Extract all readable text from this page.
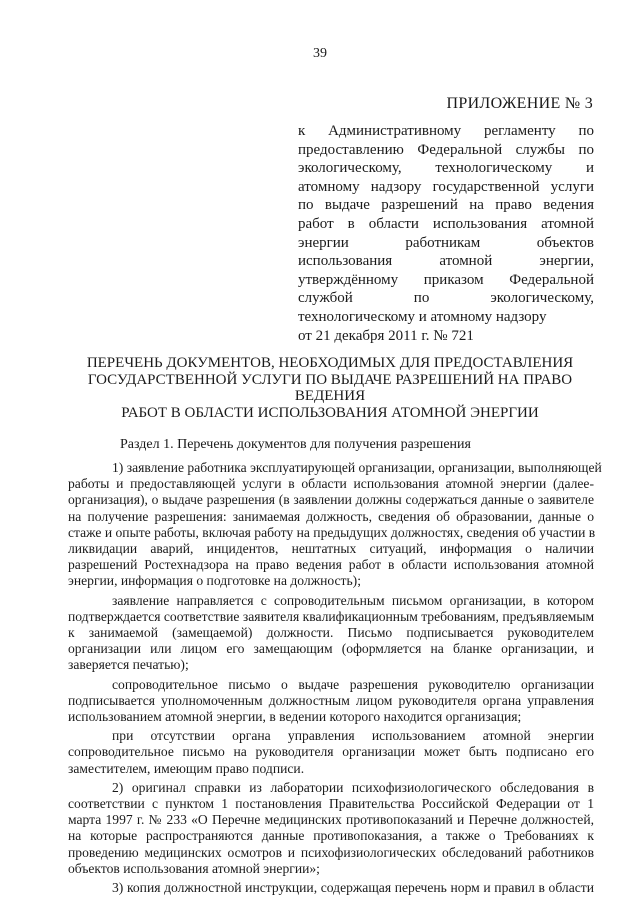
39
ПРИЛОЖЕНИЕ № 3
к Административному регламенту по
предоставлению Федеральной службы по
экологическому, технологическому и
атомному надзору государственной услуги
по выдаче разрешений на право ведения
работ в области использования атомной
энергии работникам объектов
использования атомной энергии,
утверждённому приказом Федеральной
службой по экологическому,
технологическому и атомному надзору
от 21 декабря 2011 г. № 721
ПЕРЕЧЕНЬ ДОКУМЕНТОВ, НЕОБХОДИМЫХ ДЛЯ ПРЕДОСТАВЛЕНИЯ
ГОСУДАРСТВЕННОЙ УСЛУГИ ПО ВЫДАЧЕ РАЗРЕШЕНИЙ НА ПРАВО ВЕДЕНИЯ
РАБОТ В ОБЛАСТИ ИСПОЛЬЗОВАНИЯ АТОМНОЙ ЭНЕРГИИ
Раздел 1. Перечень документов для получения разрешения

1) заявление работника эксплуатирующей организации, организации, выполняющей
работы и предоставляющей услуги в области использования атомной энергии (далее-
организация), о выдаче разрешения (в заявлении должны содержаться данные о заявителе
на получение разрешения: занимаемая должность, сведения об образовании, данные о
стаже и опыте работы, включая работу на предыдущих должностях, сведения об участии в
ликвидации аварий, инцидентов, нештатных ситуаций, информация о наличии
разрешений Ростехнадзора на право ведения работ в области использования атомной
энергии, информация о подготовке на должность);

заявление направляется с сопроводительным письмом организации, в котором
подтверждается соответствие заявителя квалификационным требованиям, предъявляемым
к занимаемой (замещаемой) должности. Письмо подписывается руководителем
организации или лицом его замещающим (оформляется на бланке организации, и
заверяется печатью);

сопроводительное письмо о выдаче разрешения руководителю организации
подписывается уполномоченным должностным лицом руководителя органа управления
использованием атомной энергии, в ведении которого находится организация;

при отсутствии органа управления использованием атомной энергии
сопроводительное письмо на руководителя организации может быть подписано его
заместителем, имеющим право подписи.

2) оригинал справки из лаборатории психофизиологического обследования в
соответствии с пунктом 1 постановления Правительства Российской Федерации от 1
марта 1997 г. № 233 «О Перечне медицинских противопоказаний и Перечне должностей,
на которые распространяются данные противопоказания, а также о Требованиях к
проведению медицинских осмотров и психофизиологических обследований работников
объектов использования атомной энергии»;

3) копия должностной инструкции, содержащая перечень норм и правил в области
